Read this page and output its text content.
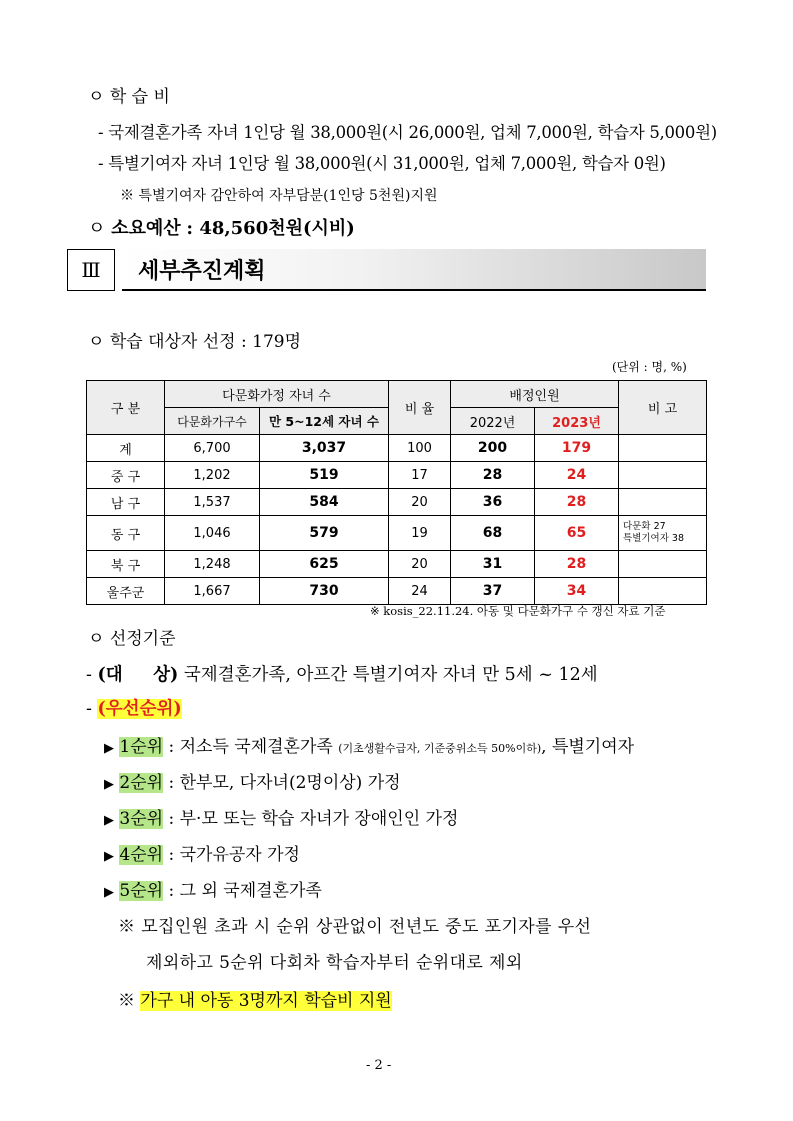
ㅇ 학 습 비
- 국제결혼가족 자녀 1인당 월 38,000원(시 26,000원, 업체 7,000원, 학습자 5,000원)
- 특별기여자 자녀 1인당 월 38,000원(시 31,000원, 업체 7,000원, 학습자 0원)
※ 특별기여자 감안하여 자부담분(1인당 5천원)지원
ㅇ 소요예산 : 48,560천원(시비)
Ⅲ	세부추진계획
ㅇ 학습 대상자 선정 : 179명
(단위 : 명, %)
구 분	다문화가정 자녀 수		비 율	배정인원		비 고
	다문화가구수	만 5~12세 자녀 수		2022년	2023년	
계	6,700	3,037	100	200	179	
중 구	1,202	519	17	28	24	
남 구	1,537	584	20	36	28	
동 구	1,046	579	19	68	65	다문화 27
특별기여자 38

북 구	1,248	625	20	31	28	
울주군	1,667	730	24	37	34	
※ kosis_22.11.24. 아동 및 다문화가구 수 갱신 자료 기준
ㅇ 선정기준
- (대     상) 국제결혼가족, 아프간 특별기여자 자녀 만 5세 ~ 12세
- (우선순위)
▶ 1순위 : 저소득 국제결혼가족 (기초생활수급자, 기준중위소득 50%이하), 특별기여자
▶ 2순위 : 한부모, 다자녀(2명이상) 가정
▶ 3순위 : 부·모 또는 학습 자녀가 장애인인 가정
▶ 4순위 : 국가유공자 가정
▶ 5순위 : 그 외 국제결혼가족
※ 모집인원 초과 시 순위 상관없이 전년도 중도 포기자를 우선
제외하고 5순위 다회차 학습자부터 순위대로 제외
※ 가구 내 아동 3명까지 학습비 지원
- 2 -
